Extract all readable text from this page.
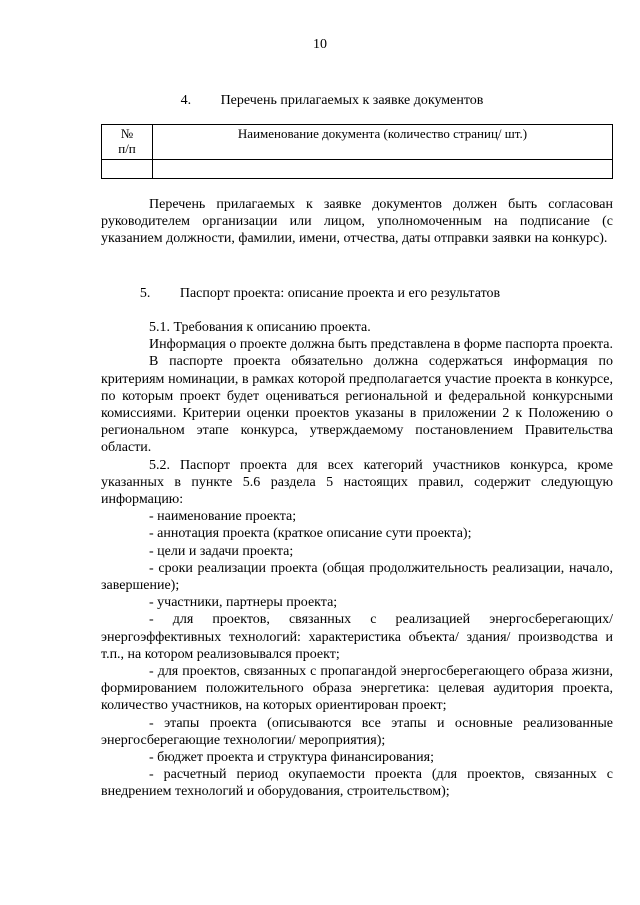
10
4. Перечень прилагаемых к заявке документов
№
п/п	Наименование документа (количество страниц/ шт.)

Перечень прилагаемых к заявке документов должен быть согласован руководителем организации или лицом, уполномоченным на подписание (с указанием должности, фамилии, имени, отчества, даты отправки заявки на конкурс).

5. Паспорт проекта: описание проекта и его результатов

5.1. Требования к описанию проекта.

Информация о проекте должна быть представлена в форме паспорта проекта.

В паспорте проекта обязательно должна содержаться информация по критериям номинации, в рамках которой предполагается участие проекта в конкурсе, по которым проект будет оцениваться региональной и федеральной конкурсными комиссиями. Критерии оценки проектов указаны в приложении 2 к Положению о региональном этапе конкурса, утверждаемому постановлением Правительства области.

5.2. Паспорт проекта для всех категорий участников конкурса, кроме указанных в пункте 5.6 раздела 5 настоящих правил, содержит следующую информацию:

- наименование проекта;

- аннотация проекта (краткое описание сути проекта);

- цели и задачи проекта;

- сроки реализации проекта (общая продолжительность реализации, начало, завершение);

- участники, партнеры проекта;

- для проектов, связанных с реализацией энергосберегающих/ энергоэффективных технологий: характеристика объекта/ здания/ производства и т.п., на котором реализовывался проект;

- для проектов, связанных с пропагандой энергосберегающего образа жизни, формированием положительного образа энергетика: целевая аудитория проекта, количество участников, на которых ориентирован проект;

- этапы проекта (описываются все этапы и основные реализованные энергосберегающие технологии/ мероприятия);

- бюджет проекта и структура финансирования;

- расчетный период окупаемости проекта (для проектов, связанных с внедрением технологий и оборудования, строительством);
